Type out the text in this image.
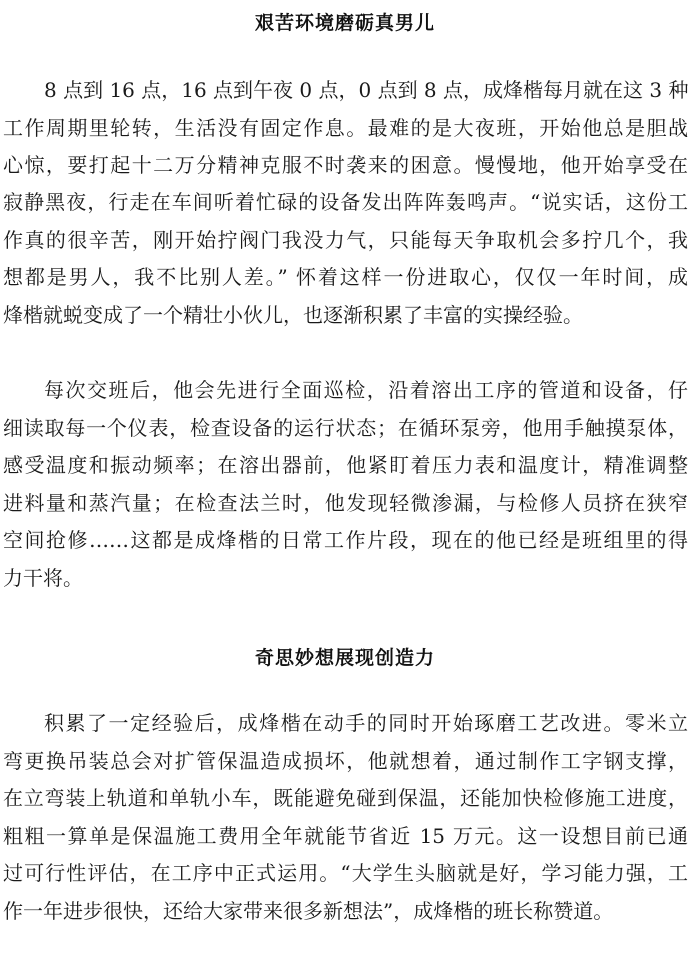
艰苦环境磨砺真男儿
8 点到 16 点，16 点到午夜 0 点，0 点到 8 点，成烽楷每月就在这 3 种
工作周期里轮转，生活没有固定作息。最难的是大夜班，开始他总是胆战
心惊，要打起十二万分精神克服不时袭来的困意。慢慢地，他开始享受在
寂静黑夜，行走在车间听着忙碌的设备发出阵阵轰鸣声。“说实话，这份工
作真的很辛苦，刚开始拧阀门我没力气，只能每天争取机会多拧几个，我
想都是男人，我不比别人差。” 怀着这样一份进取心，仅仅一年时间，成
烽楷就蜕变成了一个精壮小伙儿，也逐渐积累了丰富的实操经验。
每次交班后，他会先进行全面巡检，沿着溶出工序的管道和设备，仔
细读取每一个仪表，检查设备的运行状态；在循环泵旁，他用手触摸泵体，
感受温度和振动频率；在溶出器前，他紧盯着压力表和温度计，精准调整
进料量和蒸汽量；在检查法兰时，他发现轻微渗漏，与检修人员挤在狭窄
空间抢修……这都是成烽楷的日常工作片段，现在的他已经是班组里的得
力干将。
奇思妙想展现创造力
积累了一定经验后，成烽楷在动手的同时开始琢磨工艺改进。零米立
弯更换吊装总会对扩管保温造成损坏，他就想着，通过制作工字钢支撑，
在立弯装上轨道和单轨小车，既能避免碰到保温，还能加快检修施工进度，
粗粗一算单是保温施工费用全年就能节省近 15 万元。这一设想目前已通
过可行性评估，在工序中正式运用。“大学生头脑就是好，学习能力强，工
作一年进步很快，还给大家带来很多新想法”，成烽楷的班长称赞道。
